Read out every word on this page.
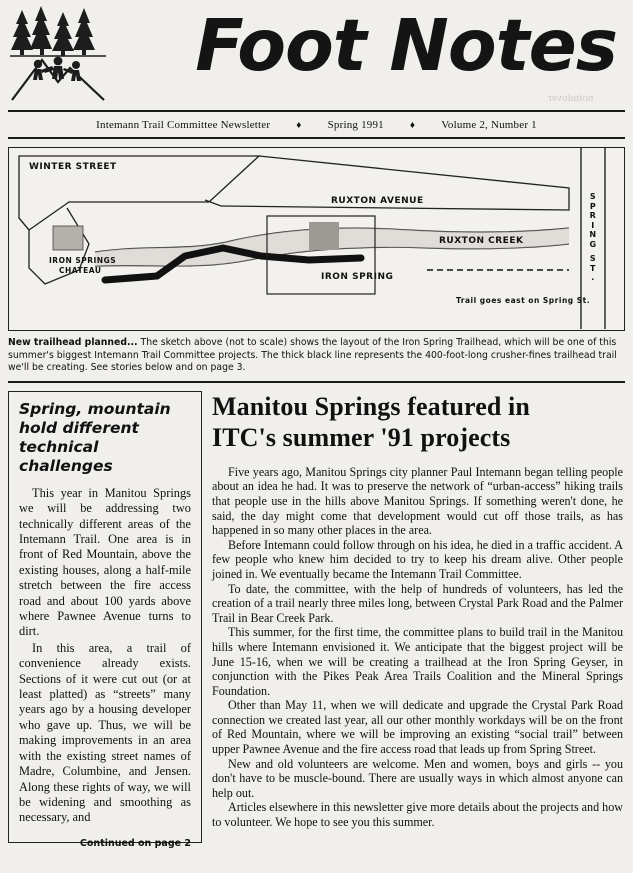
noitulover
Foot Notes
Intemann Trail Committee Newsletter	♦ Spring 1991	♦ Volume 2, Number 1
WINTER STREET
RUXTON AVENUE
RUXTON CREEK
IRON SPRING
Trail goes east on Spring St.
IRON SPRINGS
CHATEAU
S
P
R
I
N
G
S
T
.
New trailhead planned... The sketch above (not to scale) shows the layout of the Iron Spring Trailhead, which will be one of this summer's biggest Intemann Trail Committee projects. The thick black line represents the 400-foot-long crusher-fines trailhead trail we'll be creating. See stories below and on page 3.
Spring, mountain hold different technical challenges

This year in Manitou Springs we will be addressing two technically different areas of the Intemann Trail. One area is in front of Red Mountain, above the existing houses, along a half-mile stretch between the fire access road and about 100 yards above where Pawnee Avenue turns to dirt.

In this area, a trail of convenience already exists. Sections of it were cut out (or at least platted) as “streets” many years ago by a housing developer who gave up. Thus, we will be making improvements in an area with the existing street names of Madre, Columbine, and Jensen. Along these rights of way, we will be widening and smoothing as necessary, and

Continued on page 2
Manitou Springs featured in
ITC's summer '91 projects

Five years ago, Manitou Springs city planner Paul Intemann began telling people about an idea he had. It was to preserve the network of “urban-access” hiking trails that people use in the hills above Manitou Springs. If something weren't done, he said, the day might come that development would cut off those trails, as has happened in so many other places in the area.

Before Intemann could follow through on his idea, he died in a traffic accident. A few people who knew him decided to try to keep his dream alive. Other people joined in. We eventually became the Intemann Trail Committee.

To date, the committee, with the help of hundreds of volunteers, has led the creation of a trail nearly three miles long, between Crystal Park Road and the Palmer Trail in Bear Creek Park.

This summer, for the first time, the committee plans to build trail in the Manitou hills where Intemann envisioned it. We anticipate that the biggest project will be June 15-16, when we will be creating a trailhead at the Iron Spring Geyser, in conjunction with the Pikes Peak Area Trails Coalition and the Mineral Springs Foundation.

Other than May 11, when we will dedicate and upgrade the Crystal Park Road connection we created last year, all our other monthly workdays will be on the front of Red Mountain, where we will be improving an existing “social trail” between upper Pawnee Avenue and the fire access road that leads up from Spring Street.

New and old volunteers are welcome. Men and women, boys and girls -- you don't have to be muscle-bound. There are usually ways in which almost anyone can help out.

Articles elsewhere in this newsletter give more details about the projects and how to volunteer. We hope to see you this summer.
